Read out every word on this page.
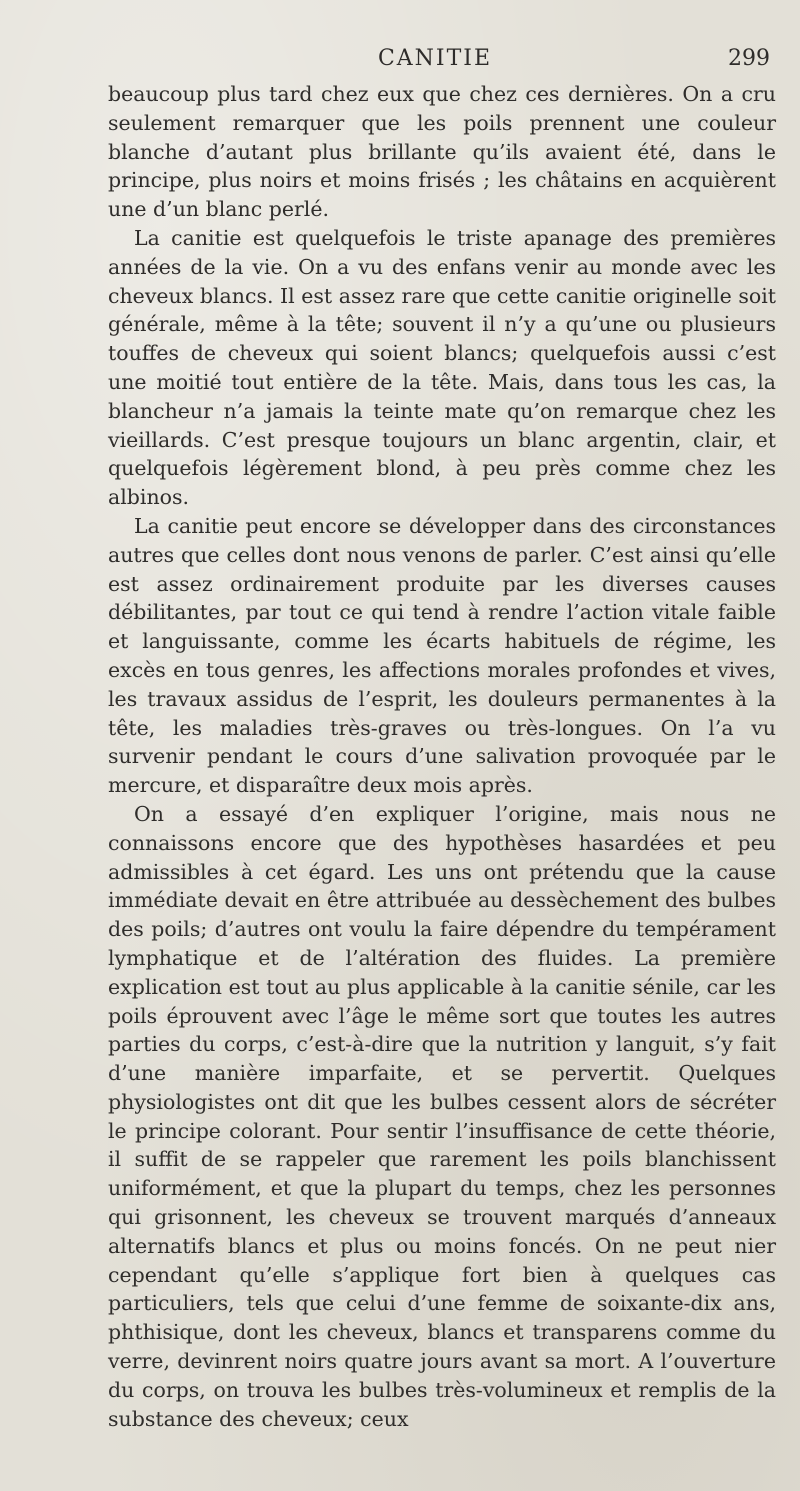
CANITIE	299

beaucoup plus tard chez eux que chez ces dernières. On a cru seulement remarquer que les poils prennent une couleur blanche d’autant plus brillante qu’ils avaient été, dans le principe, plus noirs et moins frisés ; les châtains en acquièrent une d’un blanc perlé.

La canitie est quelquefois le triste apanage des premières années de la vie. On a vu des enfans venir au monde avec les cheveux blancs. Il est assez rare que cette canitie originelle soit générale, même à la tête; souvent il n’y a qu’une ou plusieurs touffes de cheveux qui soient blancs; quelquefois aussi c’est une moitié tout entière de la tête. Mais, dans tous les cas, la blancheur n’a jamais la teinte mate qu’on remarque chez les vieillards. C’est presque toujours un blanc argentin, clair, et quelquefois légèrement blond, à peu près comme chez les albinos.

La canitie peut encore se développer dans des circonstances autres que celles dont nous venons de parler. C’est ainsi qu’elle est assez ordinairement produite par les diverses causes débilitantes, par tout ce qui tend à rendre l’action vitale faible et languissante, comme les écarts habituels de régime, les excès en tous genres, les affections morales profondes et vives, les travaux assidus de l’esprit, les douleurs permanentes à la tête, les maladies très-graves ou très-longues. On l’a vu survenir pendant le cours d’une salivation provoquée par le mercure, et disparaître deux mois après.

On a essayé d’en expliquer l’origine, mais nous ne connaissons encore que des hypothèses hasardées et peu admissibles à cet égard. Les uns ont prétendu que la cause immédiate devait en être attribuée au dessèchement des bulbes des poils; d’autres ont voulu la faire dépendre du tempérament lymphatique et de l’altération des fluides. La première explication est tout au plus applicable à la canitie sénile, car les poils éprouvent avec l’âge le même sort que toutes les autres parties du corps, c’est-à-dire que la nutrition y languit, s’y fait d’une manière imparfaite, et se pervertit. Quelques physiologistes ont dit que les bulbes cessent alors de sécréter le principe colorant. Pour sentir l’insuffisance de cette théorie, il suffit de se rappeler que rarement les poils blanchissent uniformément, et que la plupart du temps, chez les personnes qui grisonnent, les cheveux se trouvent marqués d’anneaux alternatifs blancs et plus ou moins foncés. On ne peut nier cependant qu’elle s’applique fort bien à quelques cas particuliers, tels que celui d’une femme de soixante-dix ans, phthisique, dont les cheveux, blancs et transparens comme du verre, devinrent noirs quatre jours avant sa mort. A l’ouverture du corps, on trouva les bulbes très-volumineux et remplis de la substance des cheveux; ceux
